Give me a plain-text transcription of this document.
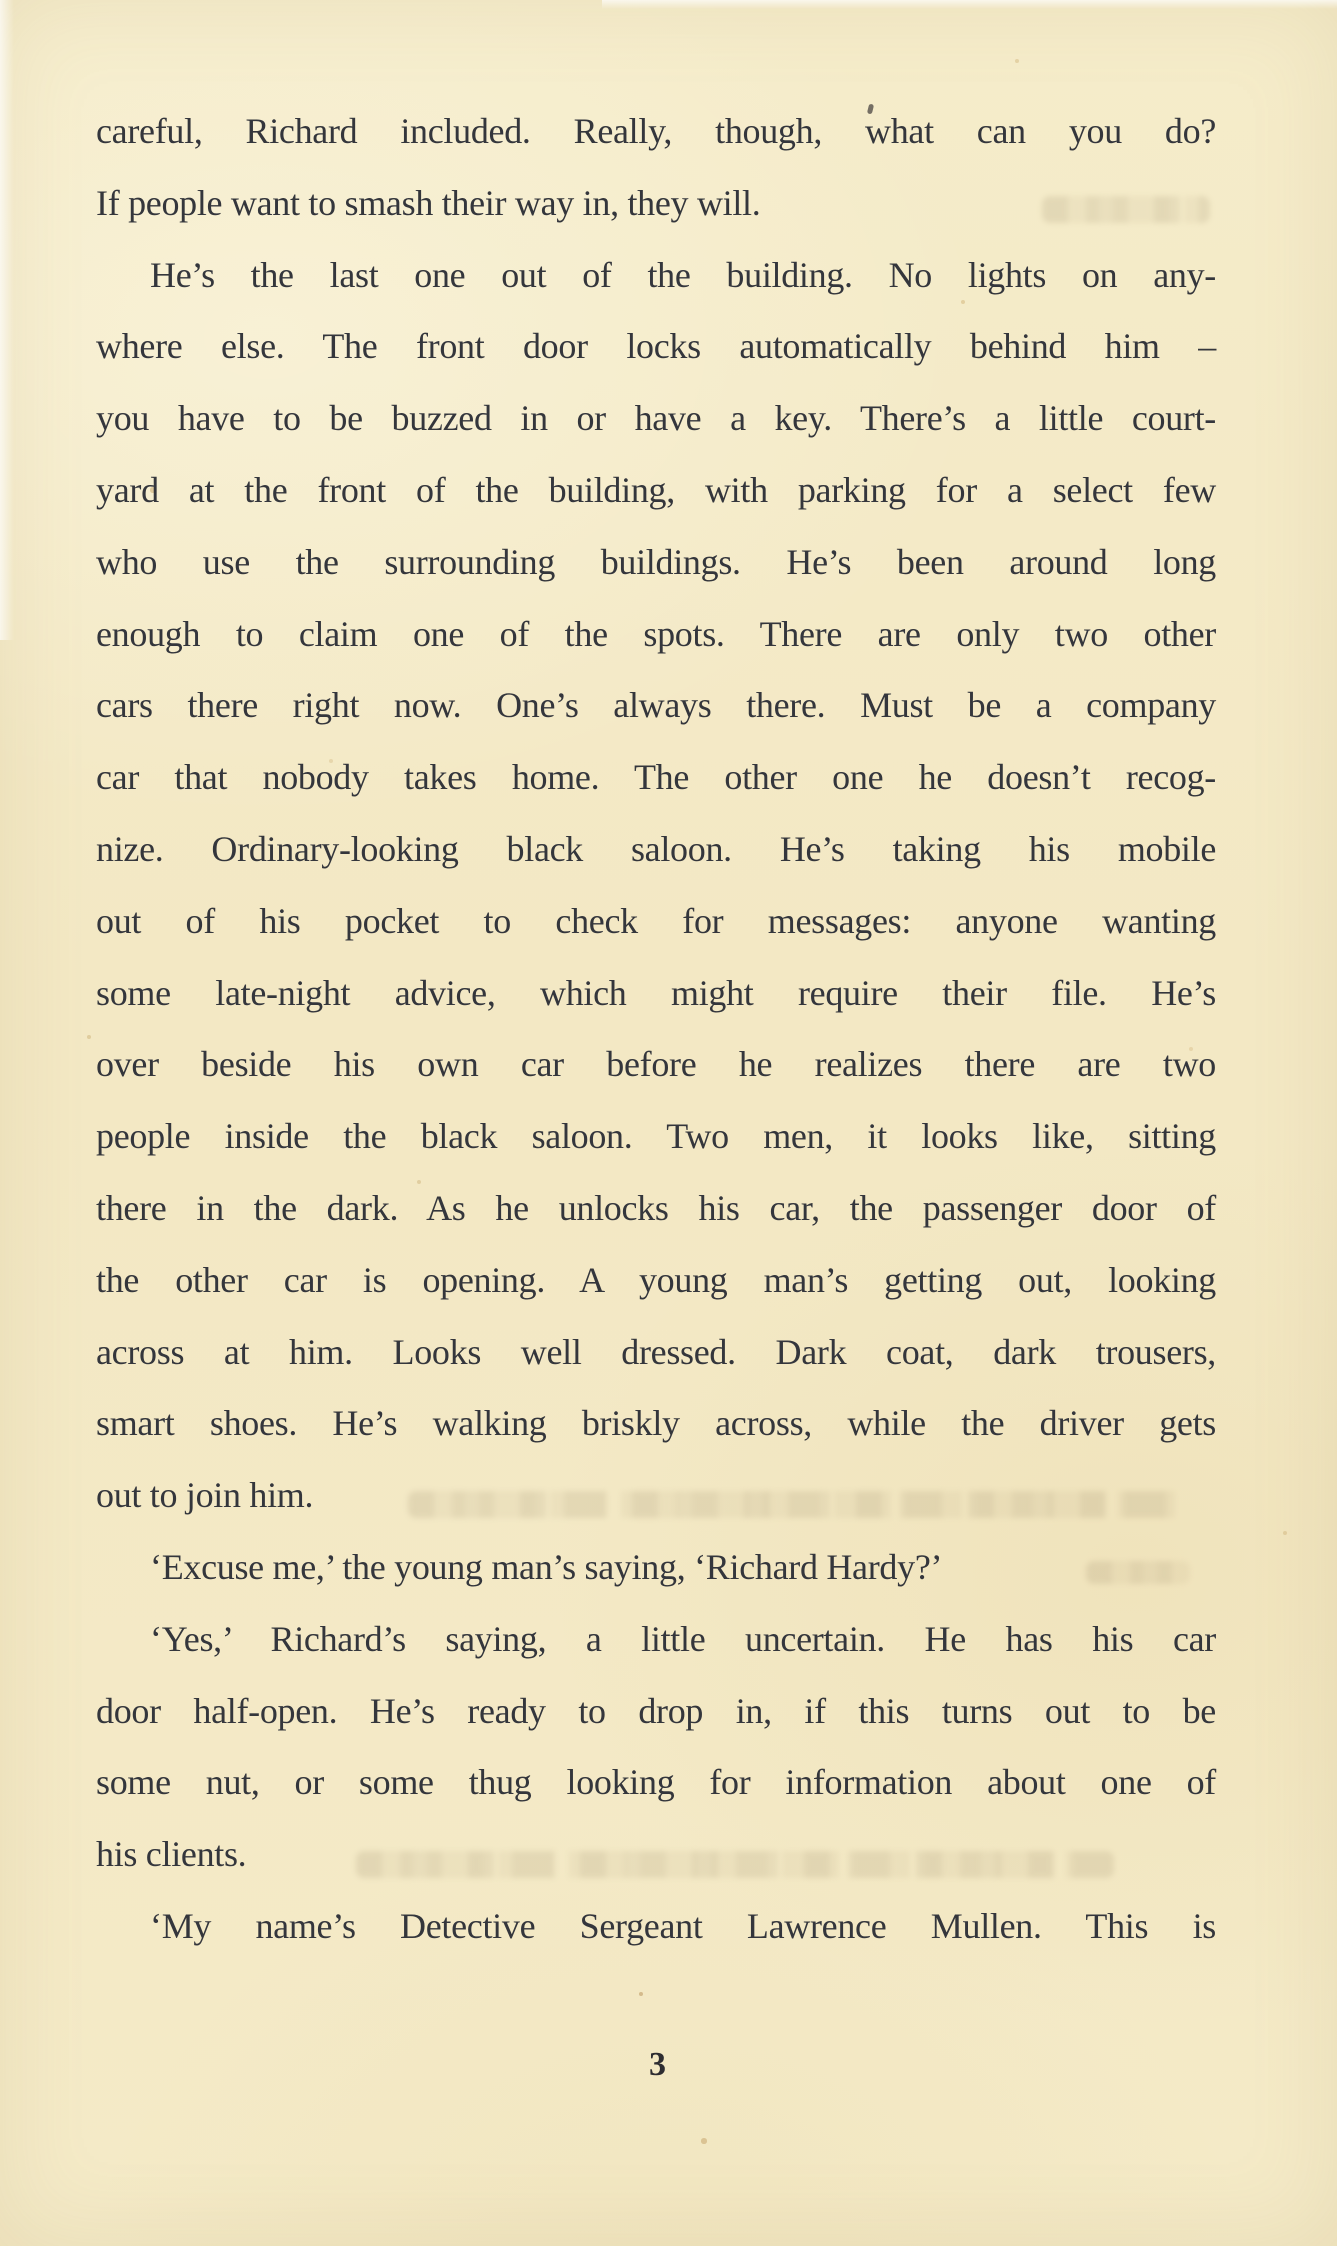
careful, Richard included. Really, though, what can you do?
If people want to smash their way in, they will.
He’s the last one out of the building. No lights on any-
where else. The front door locks automatically behind him –
you have to be buzzed in or have a key. There’s a little court-
yard at the front of the building, with parking for a select few
who use the surrounding buildings. He’s been around long
enough to claim one of the spots. There are only two other
cars there right now. One’s always there. Must be a company
car that nobody takes home. The other one he doesn’t recog-
nize. Ordinary-looking black saloon. He’s taking his mobile
out of his pocket to check for messages: anyone wanting
some late-night advice, which might require their file. He’s
over beside his own car before he realizes there are two
people inside the black saloon. Two men, it looks like, sitting
there in the dark. As he unlocks his car, the passenger door of
the other car is opening. A young man’s getting out, looking
across at him. Looks well dressed. Dark coat, dark trousers,
smart shoes. He’s walking briskly across, while the driver gets
out to join him.
‘Excuse me,’ the young man’s saying, ‘Richard Hardy?’
‘Yes,’ Richard’s saying, a little uncertain. He has his car
door half-open. He’s ready to drop in, if this turns out to be
some nut, or some thug looking for information about one of
his clients.
‘My name’s Detective Sergeant Lawrence Mullen. This is
3
